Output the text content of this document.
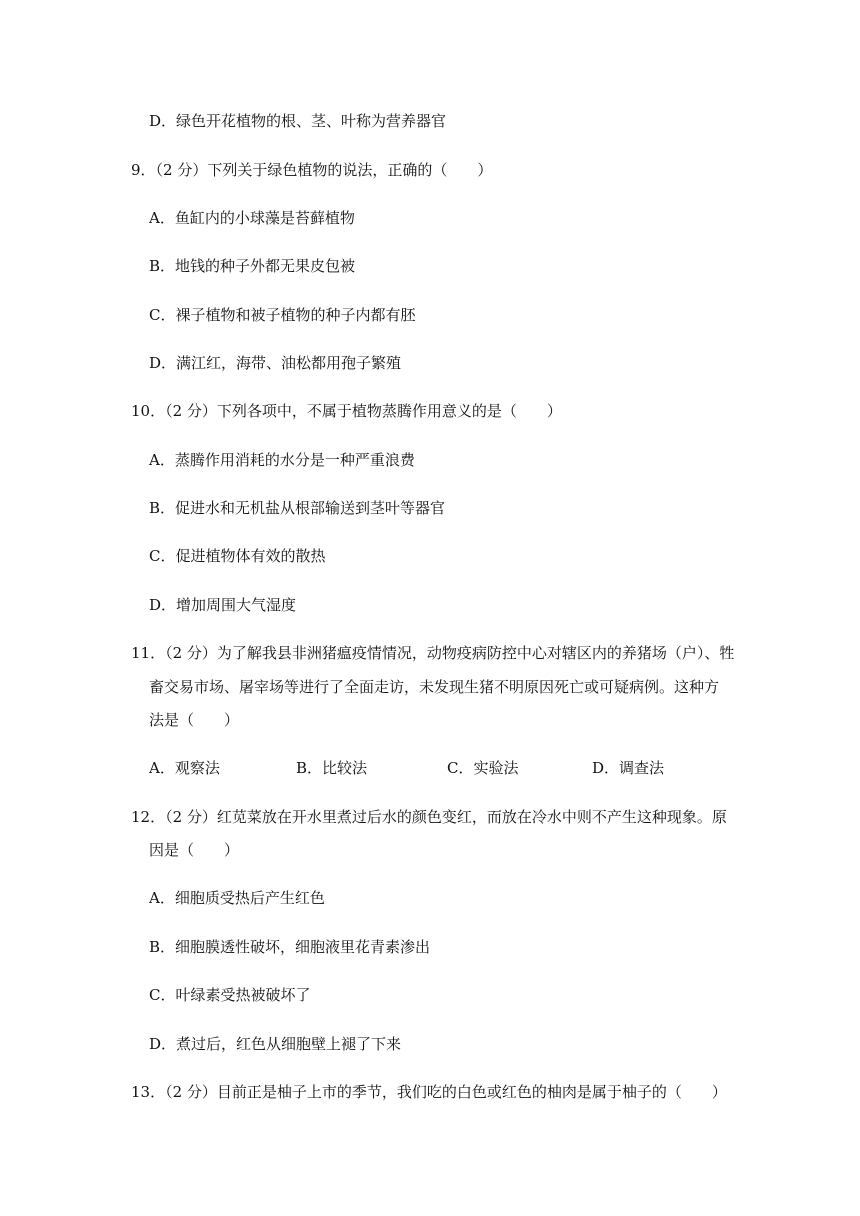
D．绿色开花植物的根、茎、叶称为营养器官
9．（2 分）下列关于绿色植物的说法，正确的（　　）
A．鱼缸内的小球藻是苔藓植物
B．地钱的种子外都无果皮包被
C．裸子植物和被子植物的种子内都有胚
D．满江红，海带、油松都用孢子繁殖
10．（2 分）下列各项中，不属于植物蒸腾作用意义的是（　　）
A．蒸腾作用消耗的水分是一种严重浪费
B．促进水和无机盐从根部输送到茎叶等器官
C．促进植物体有效的散热
D．增加周围大气湿度
11．（2 分）为了解我县非洲猪瘟疫情情况，动物疫病防控中心对辖区内的养猪场（户）、牲
畜交易市场、屠宰场等进行了全面走访，未发现生猪不明原因死亡或可疑病例。这种方
法是（　　）
A．观察法	B．比较法	C．实验法	D．调查法
12．（2 分）红苋菜放在开水里煮过后水的颜色变红，而放在冷水中则不产生这种现象。原
因是（　　）
A．细胞质受热后产生红色
B．细胞膜透性破坏，细胞液里花青素渗出
C．叶绿素受热被破坏了
D．煮过后，红色从细胞壁上褪了下来
13．（2 分）目前正是柚子上市的季节，我们吃的白色或红色的柚肉是属于柚子的（　　）
